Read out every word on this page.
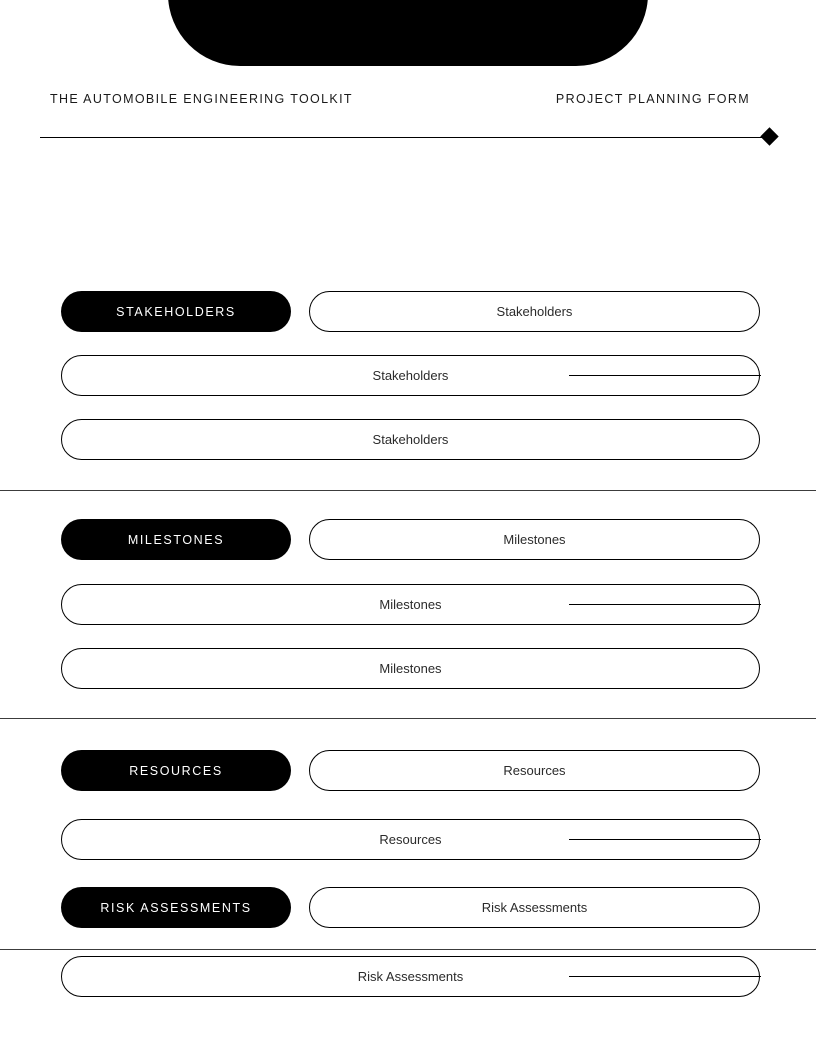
THE AUTOMOBILE ENGINEERING TOOLKIT	PROJECT PLANNING FORM
STAKEHOLDERS	Stakeholders
Stakeholders
Stakeholders
MILESTONES	Milestones
Milestones
Milestones
RESOURCES	Resources
Resources
RISK ASSESSMENTS	Risk Assessments
Risk Assessments
